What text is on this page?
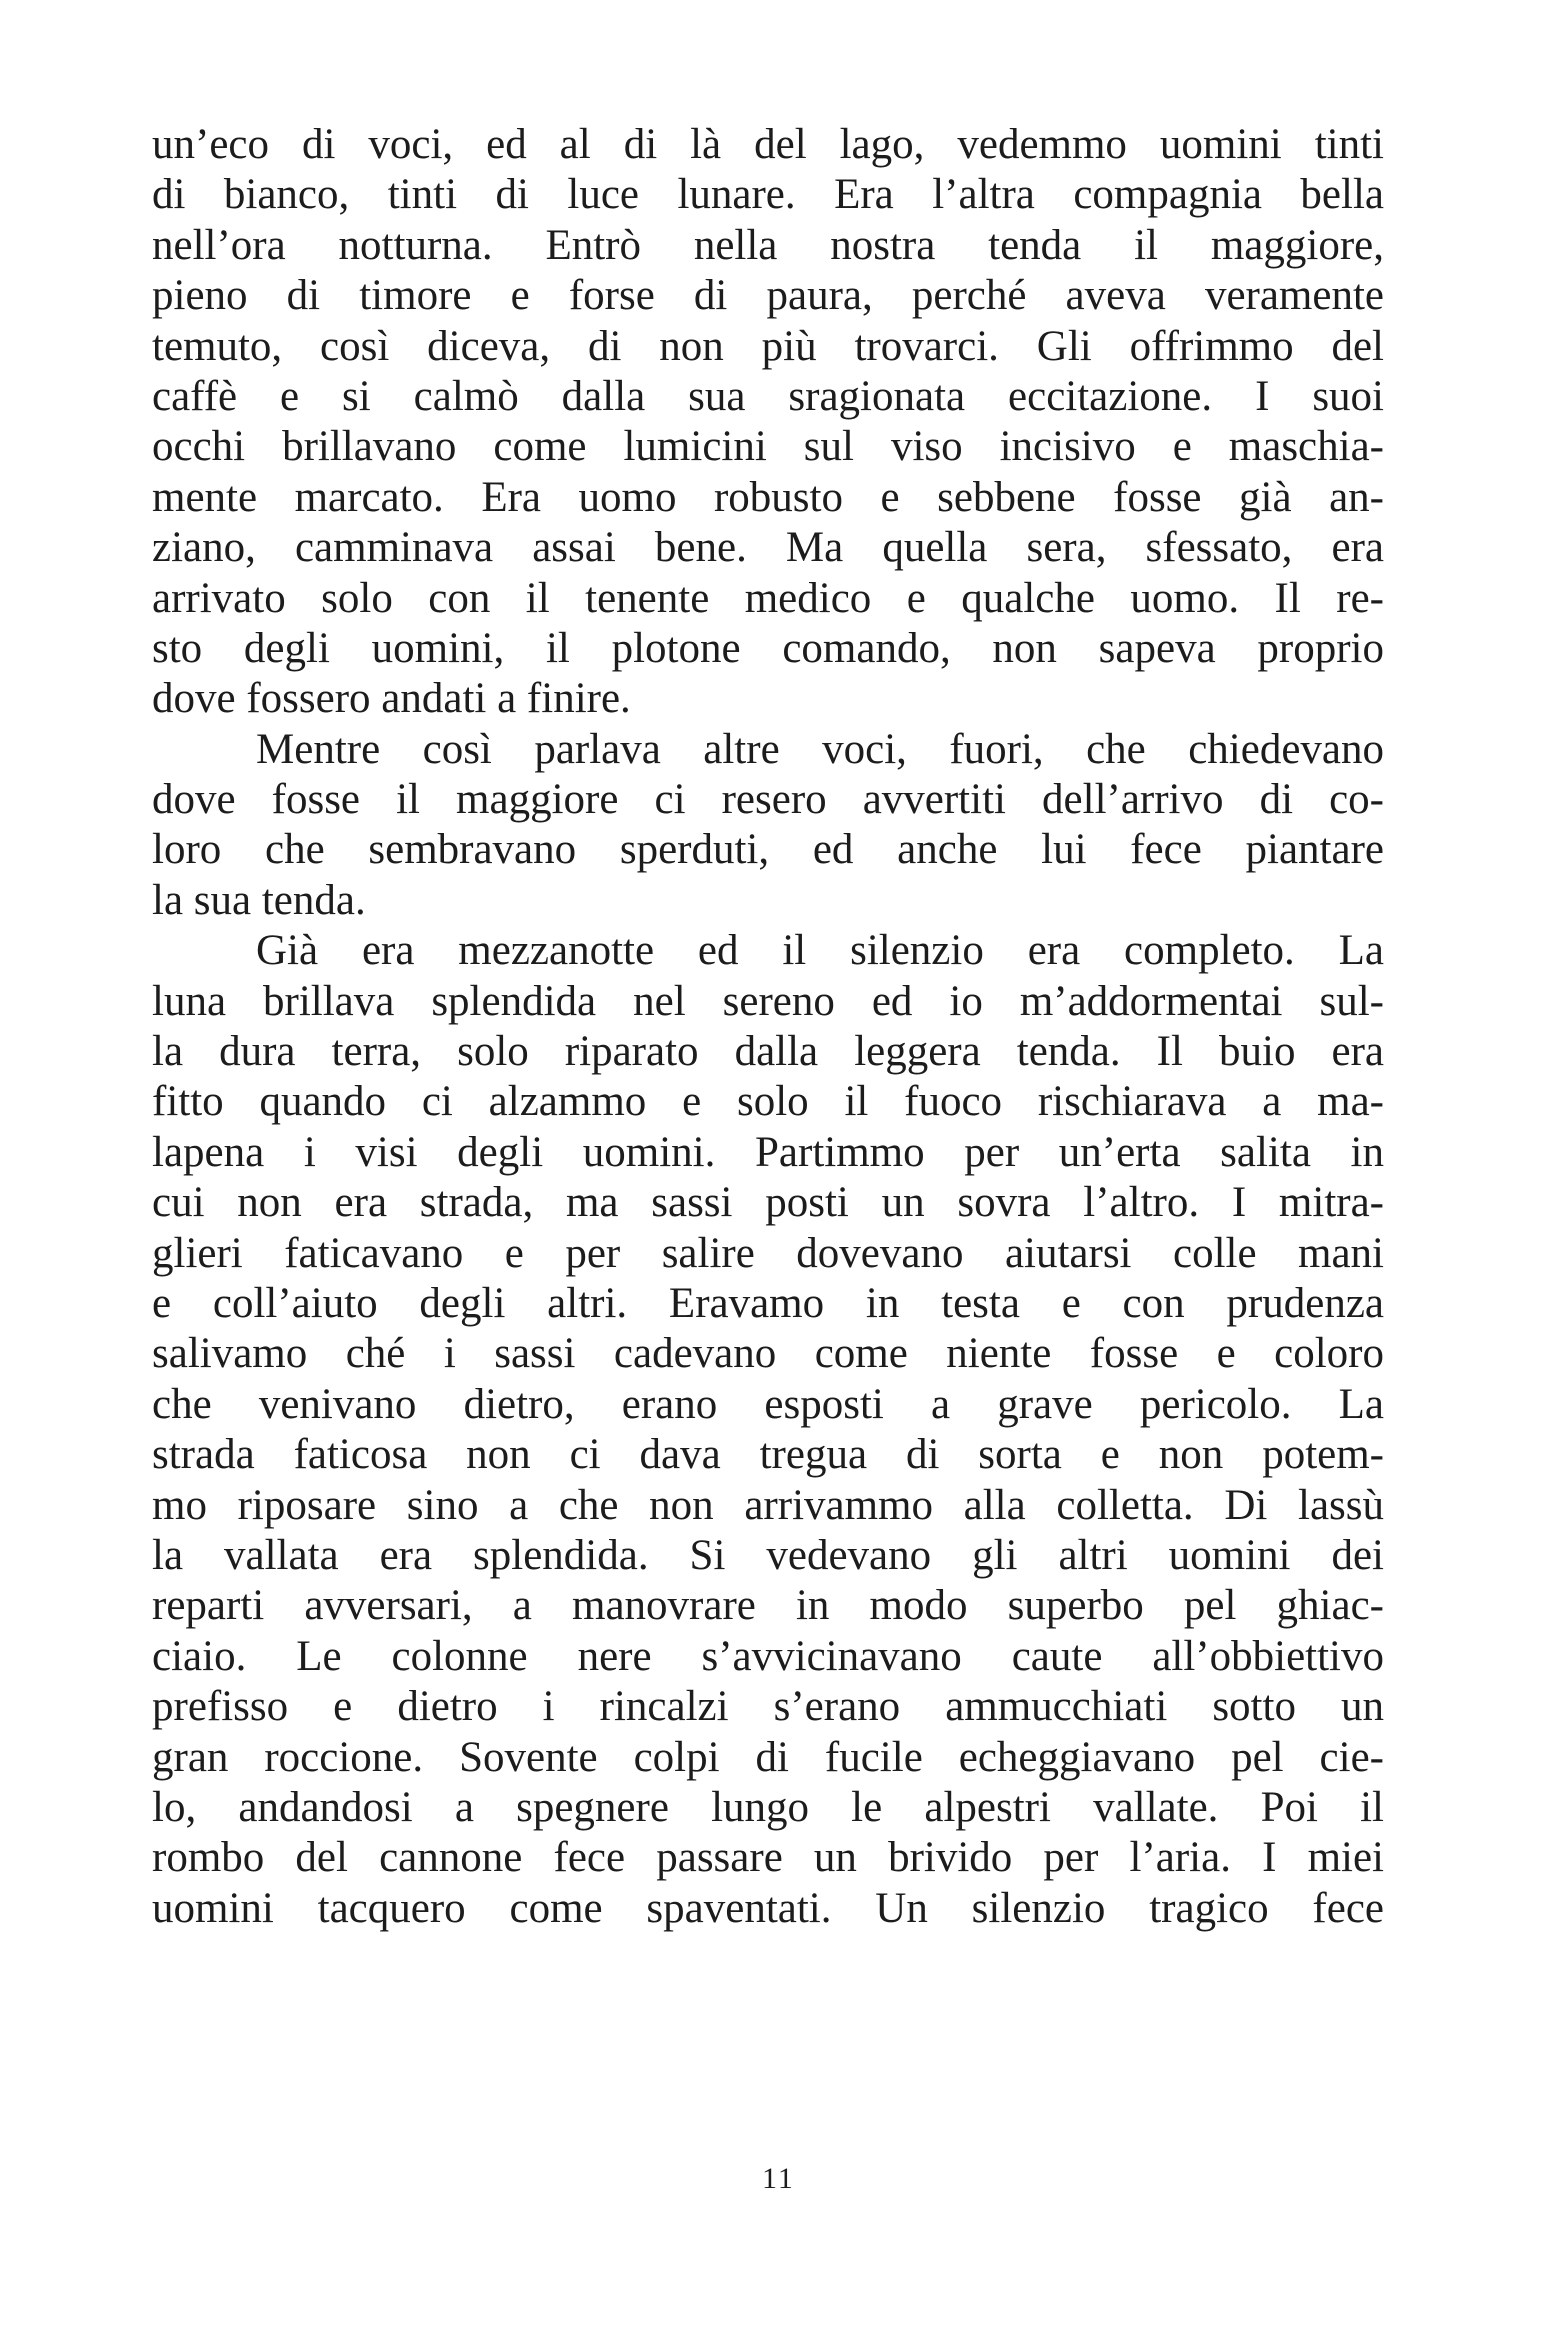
un’eco di voci, ed al di là del lago, vedemmo uomini tinti
di bianco, tinti di luce lunare. Era l’altra compagnia bella
nell’ora notturna. Entrò nella nostra tenda il maggiore,
pieno di timore e forse di paura, perché aveva veramente
temuto, così diceva, di non più trovarci. Gli offrimmo del
caffè e si calmò dalla sua sragionata eccitazione. I suoi
occhi brillavano come lumicini sul viso incisivo e maschia-
mente marcato. Era uomo robusto e sebbene fosse già an-
ziano, camminava assai bene. Ma quella sera, sfessato, era
arrivato solo con il tenente medico e qualche uomo. Il re-
sto degli uomini, il plotone comando, non sapeva proprio
dove fossero andati a finire.
Mentre così parlava altre voci, fuori, che chiedevano
dove fosse il maggiore ci resero avvertiti dell’arrivo di co-
loro che sembravano sperduti, ed anche lui fece piantare
la sua tenda.
Già era mezzanotte ed il silenzio era completo. La
luna brillava splendida nel sereno ed io m’addormentai sul-
la dura terra, solo riparato dalla leggera tenda. Il buio era
fitto quando ci alzammo e solo il fuoco rischiarava a ma-
lapena i visi degli uomini. Partimmo per un’erta salita in
cui non era strada, ma sassi posti un sovra l’altro. I mitra-
glieri faticavano e per salire dovevano aiutarsi colle mani
e coll’aiuto degli altri. Eravamo in testa e con prudenza
salivamo ché i sassi cadevano come niente fosse e coloro
che venivano dietro, erano esposti a grave pericolo. La
strada faticosa non ci dava tregua di sorta e non potem-
mo riposare sino a che non arrivammo alla colletta. Di lassù
la vallata era splendida. Si vedevano gli altri uomini dei
reparti avversari, a manovrare in modo superbo pel ghiac-
ciaio. Le colonne nere s’avvicinavano caute all’obbiettivo
prefisso e dietro i rincalzi s’erano ammucchiati sotto un
gran roccione. Sovente colpi di fucile echeggiavano pel cie-
lo, andandosi a spegnere lungo le alpestri vallate. Poi il
rombo del cannone fece passare un brivido per l’aria. I miei
uomini tacquero come spaventati. Un silenzio tragico fece
11
